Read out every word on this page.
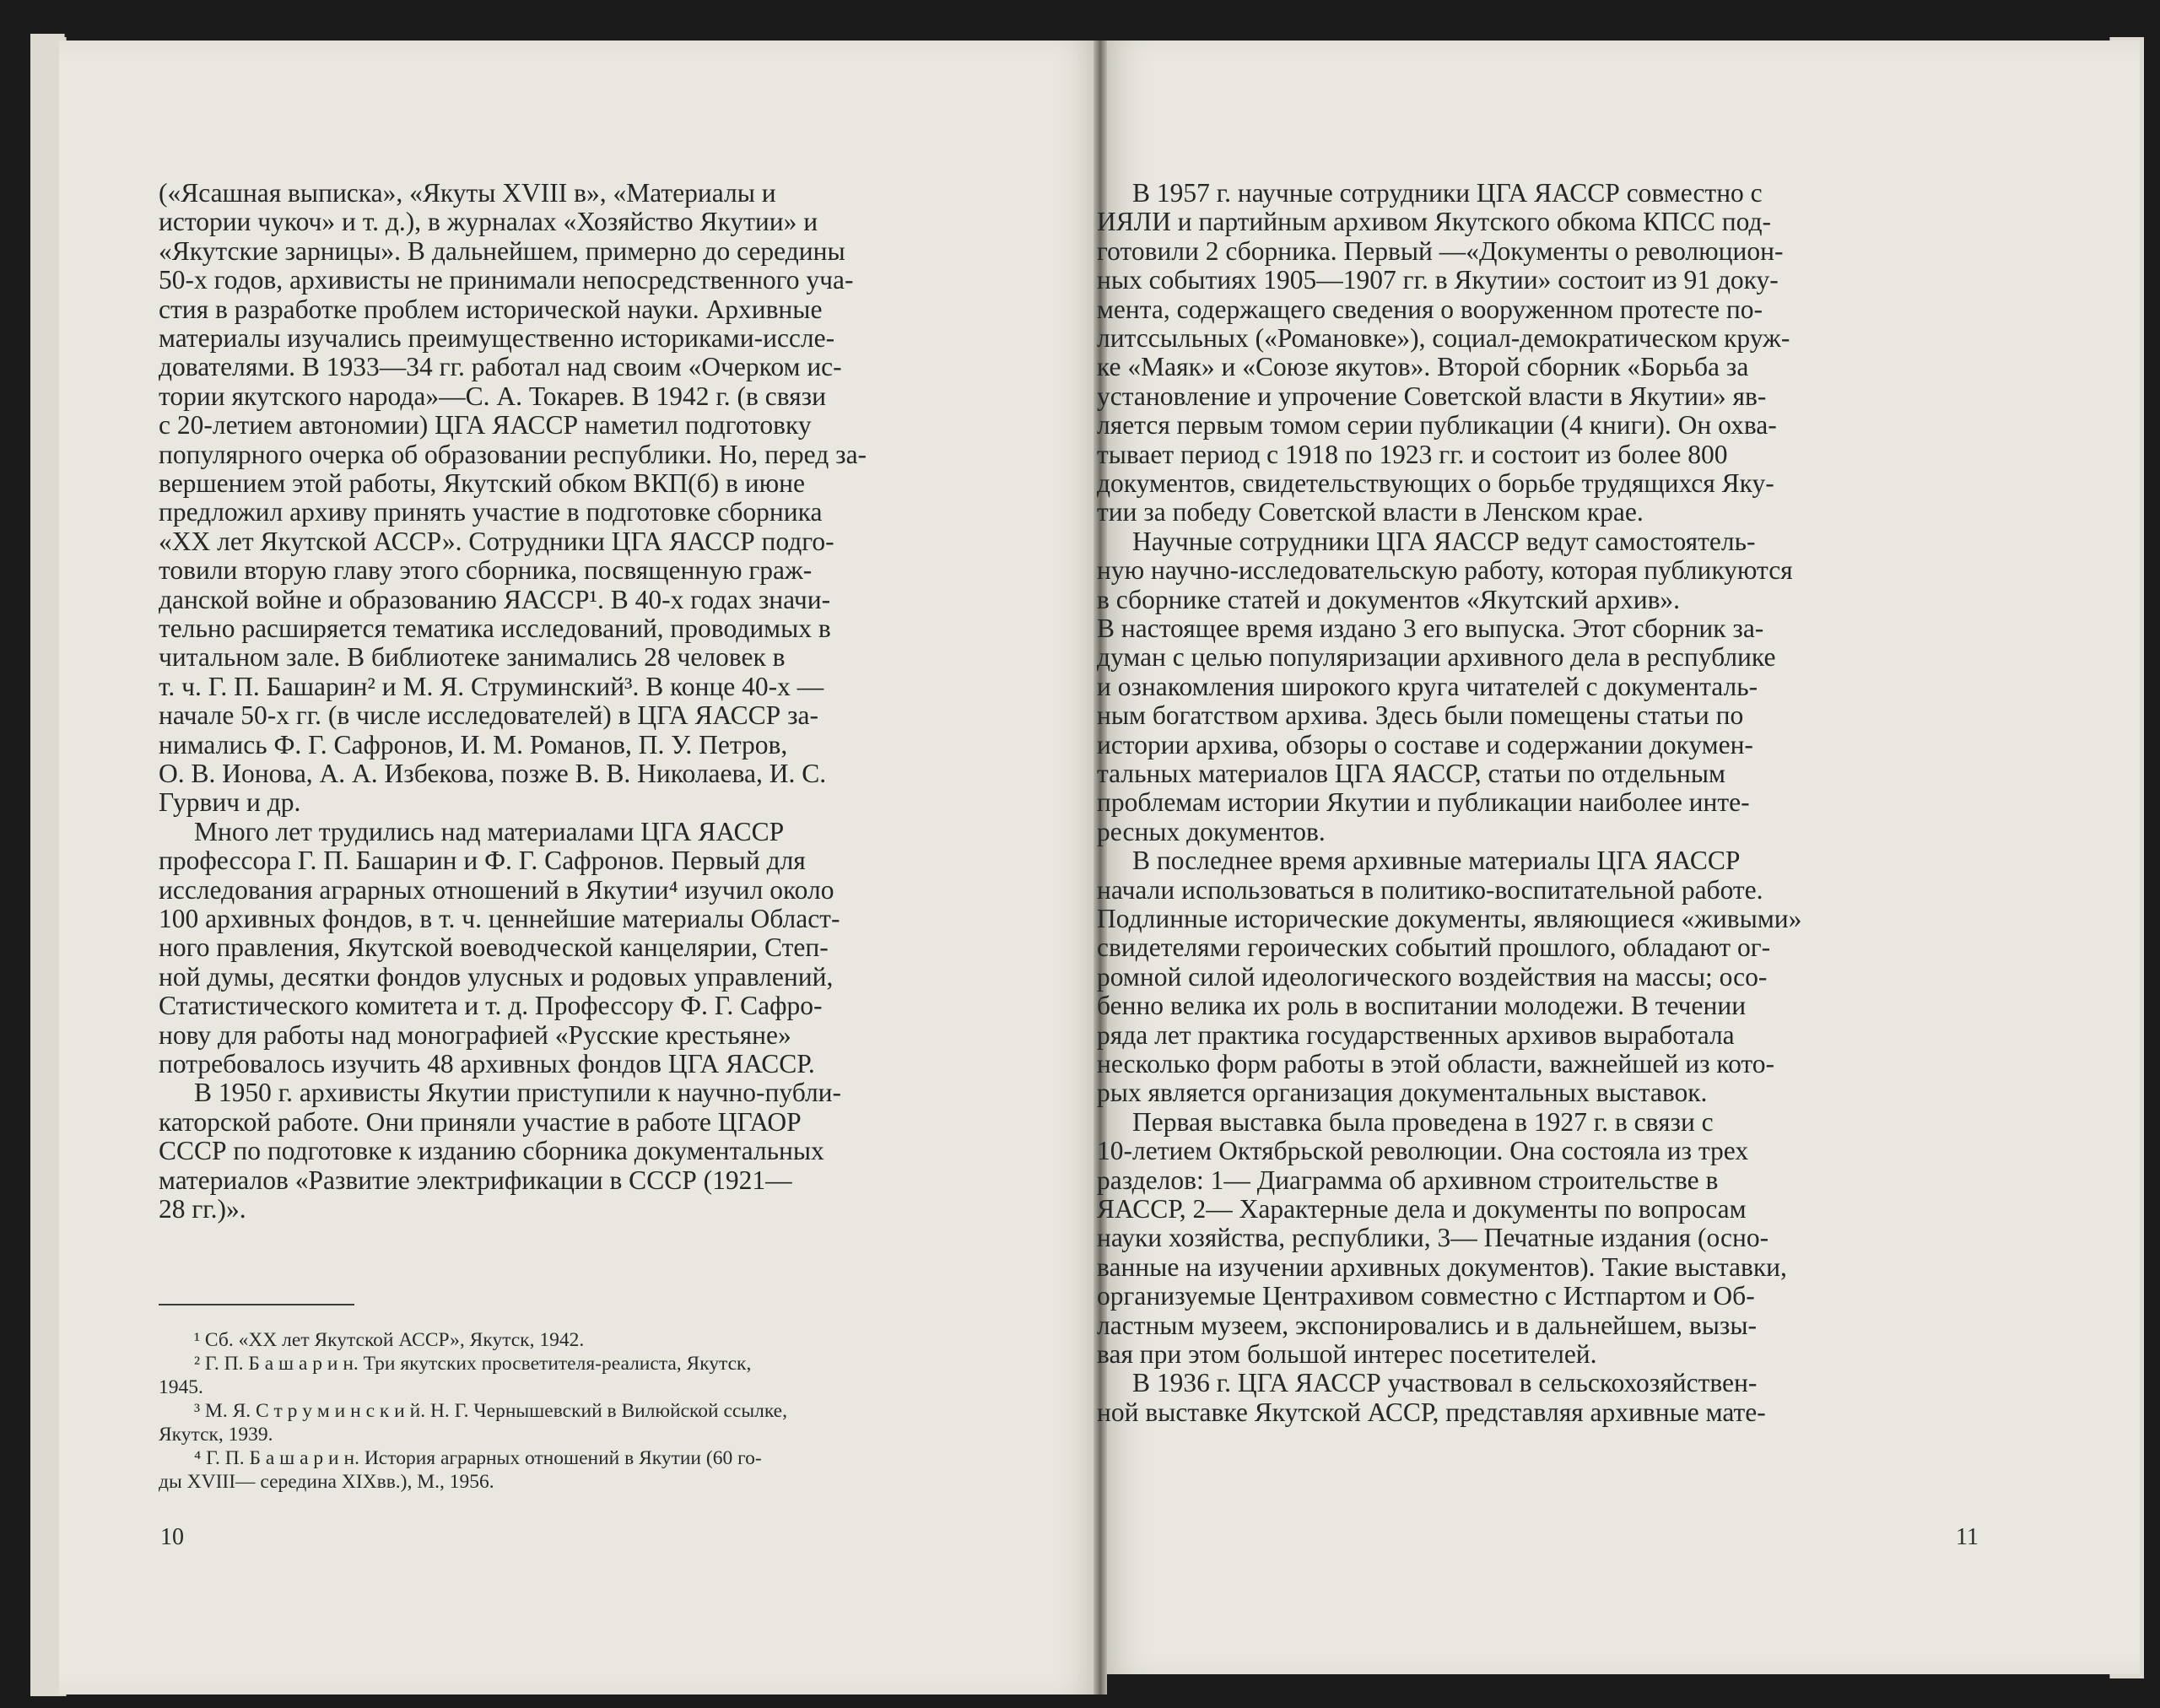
(«Ясашная выписка», «Якуты XVIII в», «Материалы и
истории чукоч» и т. д.), в журналах «Хозяйство Якутии» и
«Якутские зарницы». В дальнейшем, примерно до середины
50-х годов, архивисты не принимали непосредственного уча-
стия в разработке проблем исторической науки. Архивные
материалы изучались преимущественно историками-иссле-
дователями. В 1933—34 гг. работал над своим «Очерком ис-
тории якутского народа»—С. А. Токарев. В 1942 г. (в связи
с 20-летием автономии) ЦГА ЯАССР наметил подготовку
популярного очерка об образовании республики. Но, перед за-
вершением этой работы, Якутский обком ВКП(б) в июне
предложил архиву принять участие в подготовке сборника
«XX лет Якутской АССР». Сотрудники ЦГА ЯАССР подго-
товили вторую главу этого сборника, посвященную граж-
данской войне и образованию ЯАССР¹. В 40-х годах значи-
тельно расширяется тематика исследований, проводимых в
читальном зале. В библиотеке занимались 28 человек в
т. ч. Г. П. Башарин² и М. Я. Струминский³. В конце 40-х —
начале 50-х гг. (в числе исследователей) в ЦГА ЯАССР за-
нимались Ф. Г. Сафронов, И. М. Романов, П. У. Петров,
О. В. Ионова, А. А. Избекова, позже В. В. Николаева, И. С.
Гурвич и др.
Много лет трудились над материалами ЦГА ЯАССР
профессора Г. П. Башарин и Ф. Г. Сафронов. Первый для
исследования аграрных отношений в Якутии⁴ изучил около
100 архивных фондов, в т. ч. ценнейшие материалы Област-
ного правления, Якутской воеводческой канцелярии, Степ-
ной думы, десятки фондов улусных и родовых управлений,
Статистического комитета и т. д. Профессору Ф. Г. Сафро-
нову для работы над монографией «Русские крестьяне»
потребовалось изучить 48 архивных фондов ЦГА ЯАССР.
В 1950 г. архивисты Якутии приступили к научно-публи-
каторской работе. Они приняли участие в работе ЦГАОР
СССР по подготовке к изданию сборника документальных
материалов «Развитие электрификации в СССР (1921—
28 гг.)».
¹ Сб. «XX лет Якутской АССР», Якутск, 1942.
² Г. П. Б а ш а р и н. Три якутских просветителя-реалиста, Якутск,
1945.
³ М. Я. С т р у м и н с к и й. Н. Г. Чернышевский в Вилюйской ссылке,
Якутск, 1939.
⁴ Г. П. Б а ш а р и н. История аграрных отношений в Якутии (60 го-
ды XVIII— середина XIXвв.), М., 1956.
10
В 1957 г. научные сотрудники ЦГА ЯАССР совместно с
ИЯЛИ и партийным архивом Якутского обкома КПСС под-
готовили 2 сборника. Первый —«Документы о революцион-
ных событиях 1905—1907 гг. в Якутии» состоит из 91 доку-
мента, содержащего сведения о вооруженном протесте по-
литссыльных («Романовке»), социал-демократическом круж-
ке «Маяк» и «Союзе якутов». Второй сборник «Борьба за
установление и упрочение Советской власти в Якутии» яв-
ляется первым томом серии публикации (4 книги). Он охва-
тывает период с 1918 по 1923 гг. и состоит из более 800
документов, свидетельствующих о борьбе трудящихся Яку-
тии за победу Советской власти в Ленском крае.
Научные сотрудники ЦГА ЯАССР ведут самостоятель-
ную научно-исследовательскую работу, которая публикуются
в сборнике статей и документов «Якутский архив».
В настоящее время издано 3 его выпуска. Этот сборник за-
думан с целью популяризации архивного дела в республике
и ознакомления широкого круга читателей с документаль-
ным богатством архива. Здесь были помещены статьи по
истории архива, обзоры о составе и содержании докумен-
тальных материалов ЦГА ЯАССР, статьи по отдельным
проблемам истории Якутии и публикации наиболее инте-
ресных документов.
В последнее время архивные материалы ЦГА ЯАССР
начали использоваться в политико-воспитательной работе.
Подлинные исторические документы, являющиеся «живыми»
свидетелями героических событий прошлого, обладают ог-
ромной силой идеологического воздействия на массы; осо-
бенно велика их роль в воспитании молодежи. В течении
ряда лет практика государственных архивов выработала
несколько форм работы в этой области, важнейшей из кото-
рых является организация документальных выставок.
Первая выставка была проведена в 1927 г. в связи с
10-летием Октябрьской революции. Она состояла из трех
разделов: 1— Диаграмма об архивном строительстве в
ЯАССР, 2— Характерные дела и документы по вопросам
науки хозяйства, республики, 3— Печатные издания (осно-
ванные на изучении архивных документов). Такие выставки,
организуемые Центрахивом совместно с Истпартом и Об-
ластным музеем, экспонировались и в дальнейшем, вызы-
вая при этом большой интерес посетителей.
В 1936 г. ЦГА ЯАССР участвовал в сельскохозяйствен-
ной выставке Якутской АССР, представляя архивные мате-
11
